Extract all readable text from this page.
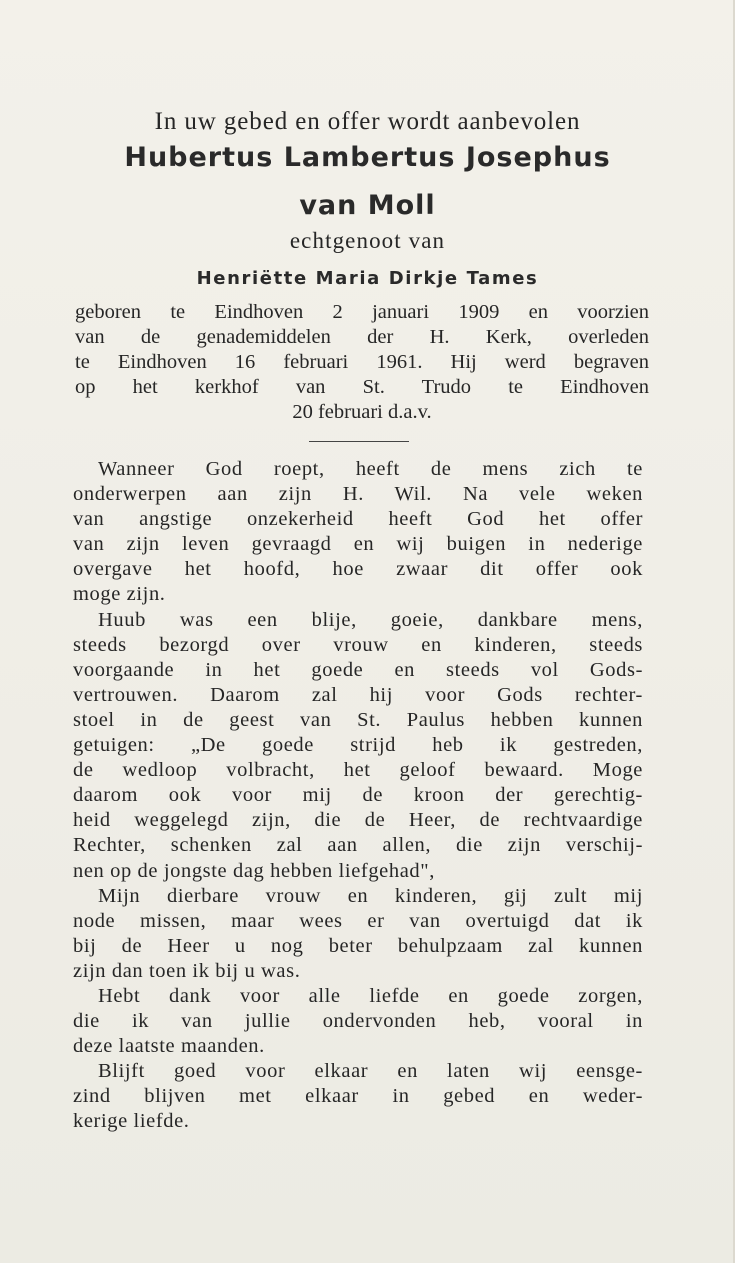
In uw gebed en offer wordt aanbevolen
Hubertus Lambertus Josephus
van Moll
echtgenoot van
Henriëtte Maria Dirkje Tames
geboren te Eindhoven 2 januari 1909 en voorzien
van de genademiddelen der H. Kerk, overleden
te Eindhoven 16 februari 1961. Hij werd begraven
op het kerkhof van St. Trudo te Eindhoven
20 februari d.a.v.
Wanneer God roept, heeft de mens zich te
onderwerpen aan zijn H. Wil. Na vele weken
van angstige onzekerheid heeft God het offer
van zijn leven gevraagd en wij buigen in nederige
overgave het hoofd, hoe zwaar dit offer ook
moge zijn.
Huub was een blije, goeie, dankbare mens,
steeds bezorgd over vrouw en kinderen, steeds
voorgaande in het goede en steeds vol Gods-
vertrouwen. Daarom zal hij voor Gods rechter-
stoel in de geest van St. Paulus hebben kunnen
getuigen: „De goede strijd heb ik gestreden,
de wedloop volbracht, het geloof bewaard. Moge
daarom ook voor mij de kroon der gerechtig-
heid weggelegd zijn, die de Heer, de rechtvaardige
Rechter, schenken zal aan allen, die zijn verschij-
nen op de jongste dag hebben liefgehad",
Mijn dierbare vrouw en kinderen, gij zult mij
node missen, maar wees er van overtuigd dat ik
bij de Heer u nog beter behulpzaam zal kunnen
zijn dan toen ik bij u was.
Hebt dank voor alle liefde en goede zorgen,
die ik van jullie ondervonden heb, vooral in
deze laatste maanden.
Blijft goed voor elkaar en laten wij eensge-
zind blijven met elkaar in gebed en weder-
kerige liefde.
